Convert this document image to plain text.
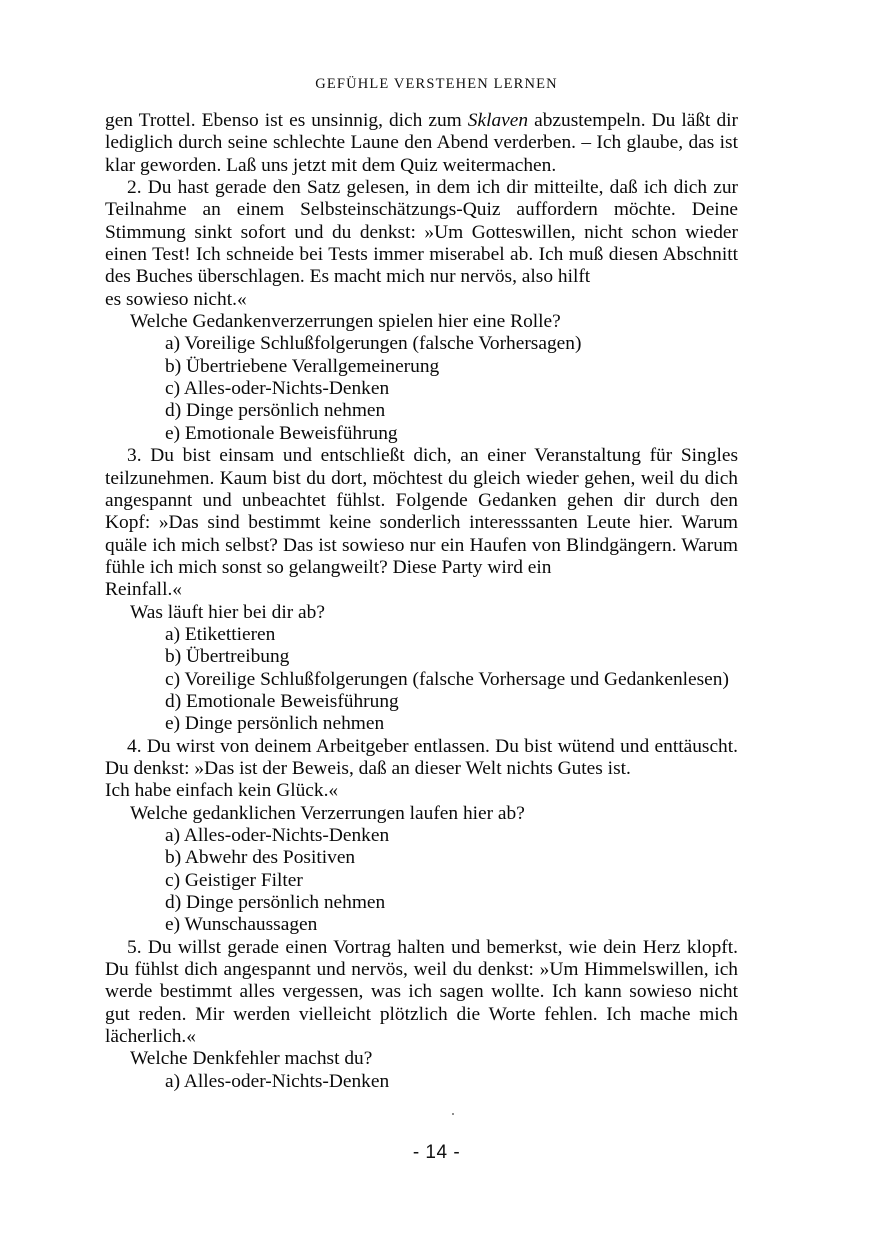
GEFÜHLE VERSTEHEN LERNEN

gen Trottel. Ebenso ist es unsinnig, dich zum Sklaven abzustempeln. Du läßt dir lediglich durch seine schlechte Laune den Abend verderben. – Ich glaube, das ist klar geworden. Laß uns jetzt mit dem Quiz weitermachen.

2. Du hast gerade den Satz gelesen, in dem ich dir mitteilte, daß ich dich zur Teilnahme an einem Selbsteinschätzungs-Quiz auffordern möchte. Deine Stimmung sinkt sofort und du denkst: »Um Gotteswillen, nicht schon wieder einen Test! Ich schneide bei Tests immer miserabel ab. Ich muß diesen Abschnitt des Buches überschlagen. Es macht mich nur nervös, also hilft

es sowieso nicht.«

Welche Gedankenverzerrungen spielen hier eine Rolle?

a) Voreilige Schlußfolgerungen (falsche Vorhersagen)

b) Übertriebene Verallgemeinerung

c) Alles-oder-Nichts-Denken

d) Dinge persönlich nehmen

e) Emotionale Beweisführung

3. Du bist einsam und entschließt dich, an einer Veranstaltung für Singles teilzunehmen. Kaum bist du dort, möchtest du gleich wieder gehen, weil du dich angespannt und unbeachtet fühlst. Folgende Gedanken gehen dir durch den Kopf: »Das sind bestimmt keine sonderlich interesssanten Leute hier. Warum quäle ich mich selbst? Das ist sowieso nur ein Haufen von Blindgängern. Warum fühle ich mich sonst so gelangweilt? Diese Party wird ein

Reinfall.«

Was läuft hier bei dir ab?

a) Etikettieren

b) Übertreibung

c) Voreilige Schlußfolgerungen (falsche Vorhersage und Gedankenlesen)

d) Emotionale Beweisführung

e) Dinge persönlich nehmen

4. Du wirst von deinem Arbeitgeber entlassen. Du bist wütend und enttäuscht. Du denkst: »Das ist der Beweis, daß an dieser Welt nichts Gutes ist.

Ich habe einfach kein Glück.«

Welche gedanklichen Verzerrungen laufen hier ab?

a) Alles-oder-Nichts-Denken

b) Abwehr des Positiven

c) Geistiger Filter

d) Dinge persönlich nehmen

e) Wunschaussagen

5. Du willst gerade einen Vortrag halten und bemerkst, wie dein Herz klopft. Du fühlst dich angespannt und nervös, weil du denkst: »Um Himmelswillen, ich werde bestimmt alles vergessen, was ich sagen wollte. Ich kann sowieso nicht gut reden. Mir werden vielleicht plötzlich die Worte fehlen. Ich mache mich lächerlich.«

Welche Denkfehler machst du?

a) Alles-oder-Nichts-Denken

- 14 -
